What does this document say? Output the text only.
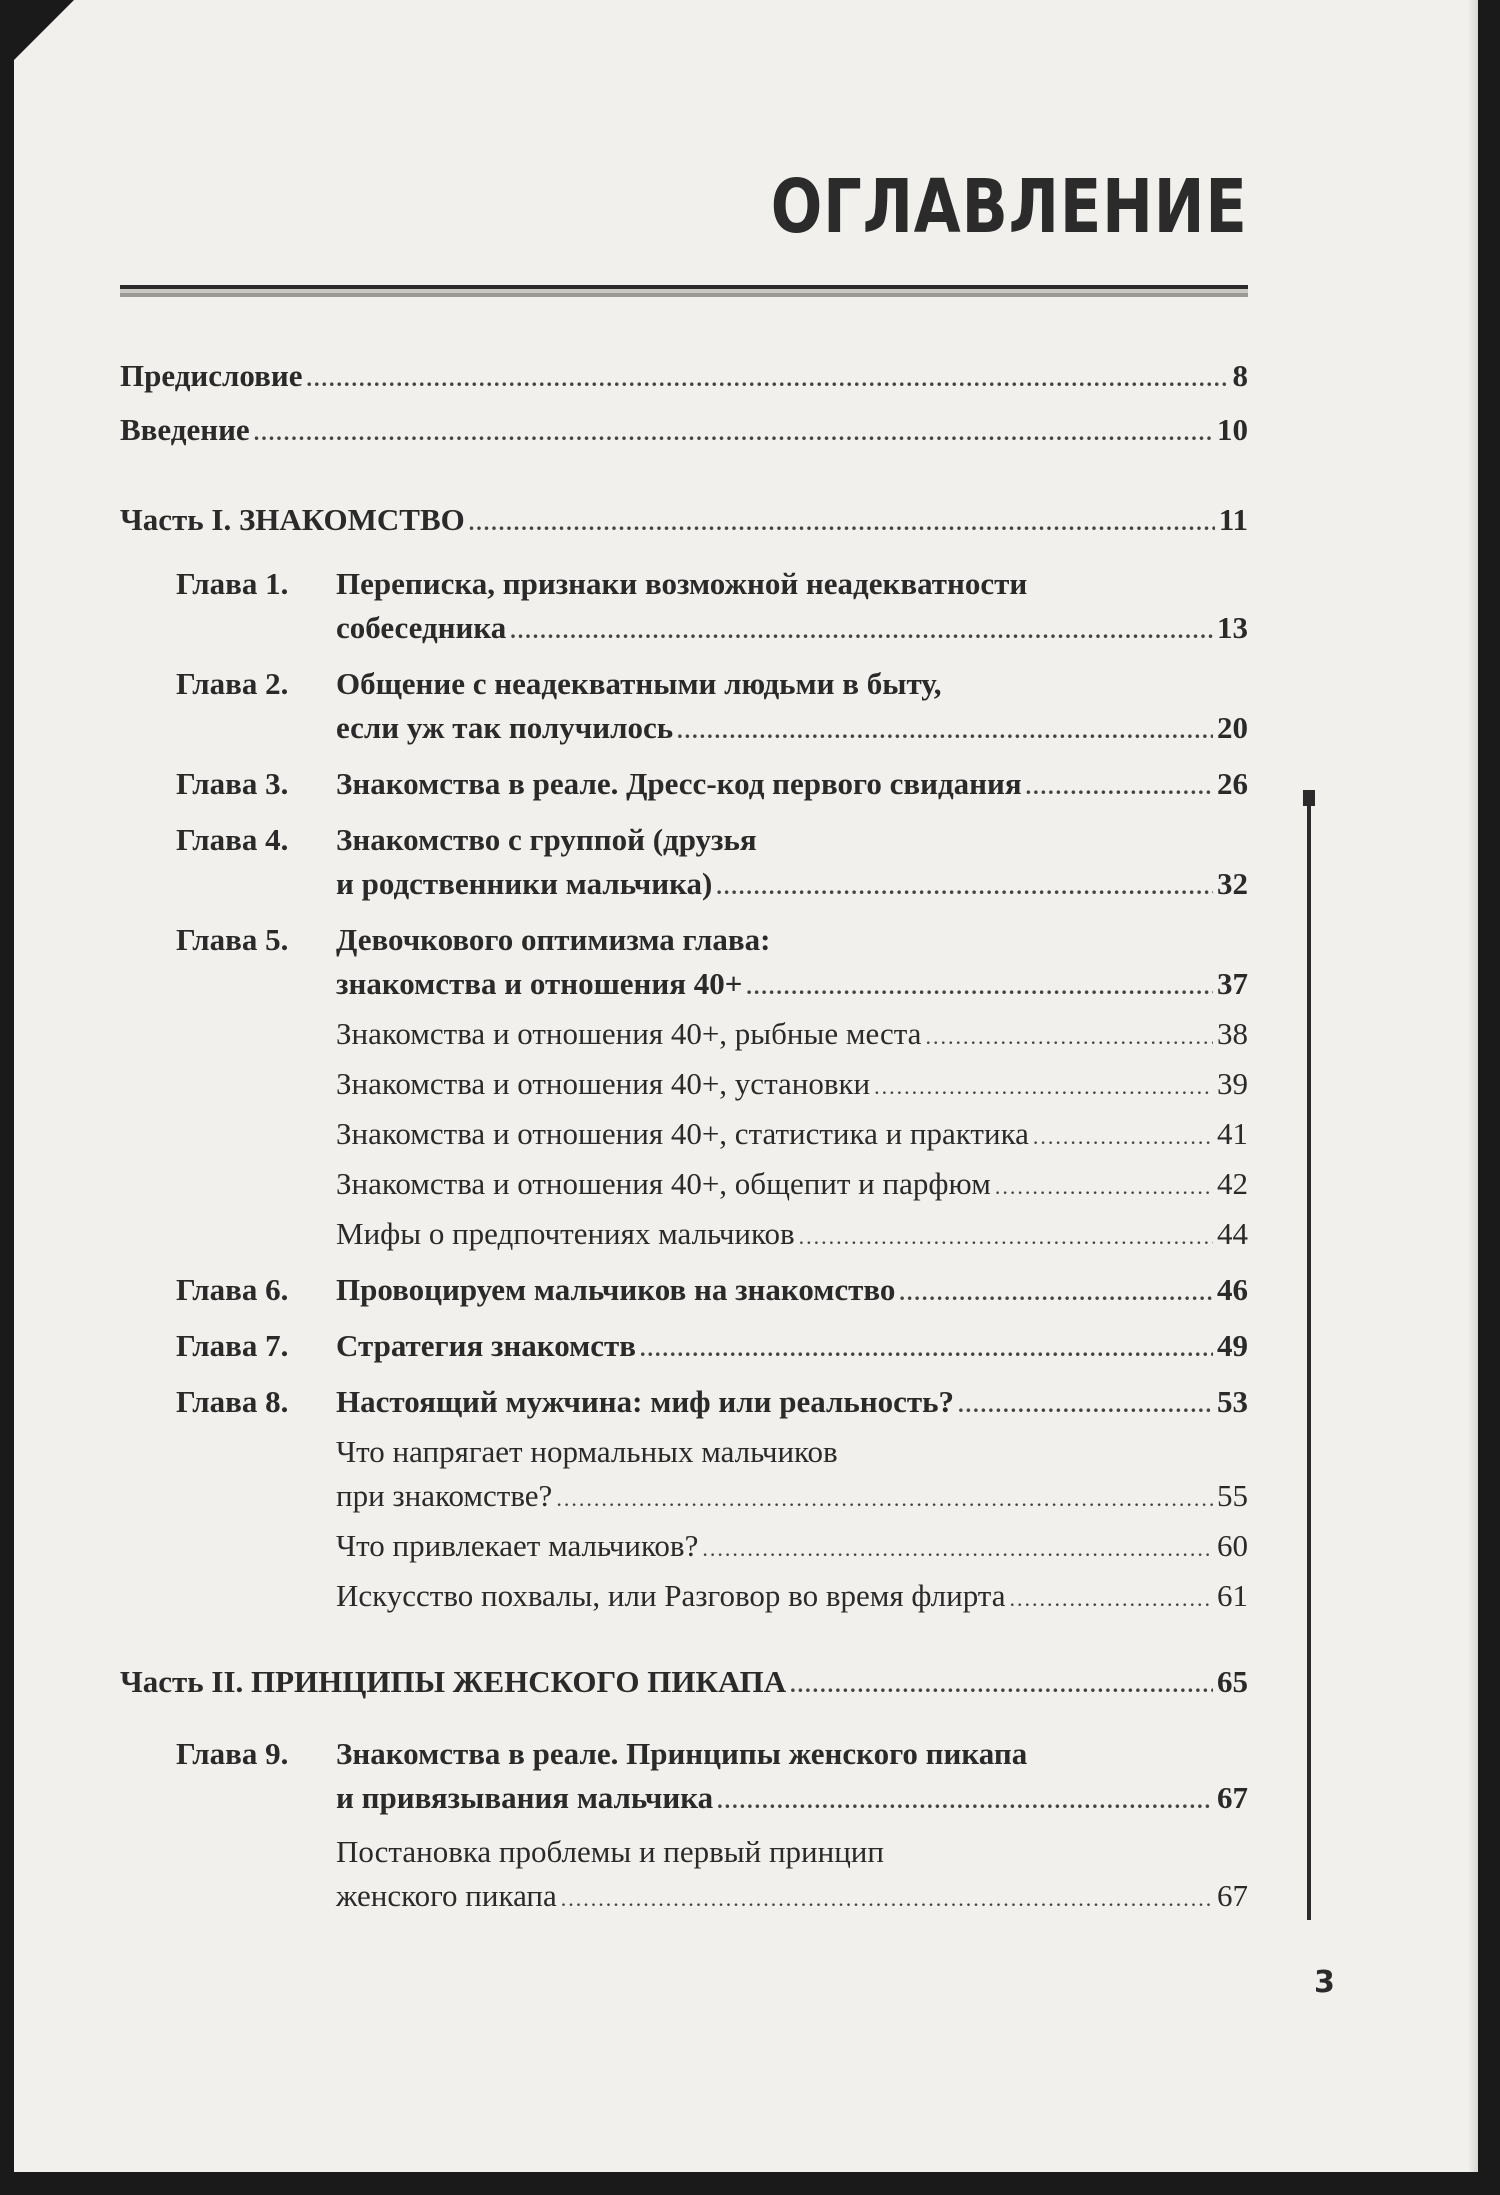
ОГЛАВЛЕНИЕ
Предисловие .....	8
Введение .....	10
Часть I. ЗНАКОМСТВО .....	11
Глава 1. Переписка, признаки возможной неадекватности
собеседника .....	13
Глава 2. Общение с неадекватными людьми в быту,
если уж так получилось .....	20
Глава 3. Знакомства в реале. Дресс-код первого свидания .....	26
Глава 4. Знакомство с группой (друзья
и родственники мальчика) .....	32
Глава 5. Девочкового оптимизма глава:
знакомства и отношения 40+ .....	37
Знакомства и отношения 40+, рыбные места .....	38
Знакомства и отношения 40+, установки .....	39
Знакомства и отношения 40+, статистика и практика .....	41
Знакомства и отношения 40+, общепит и парфюм .....	42
Мифы о предпочтениях мальчиков .....	44
Глава 6. Провоцируем мальчиков на знакомство .....	46
Глава 7. Стратегия знакомств .....	49
Глава 8. Настоящий мужчина: миф или реальность? .....	53
Что напрягает нормальных мальчиков
при знакомстве? .....	55
Что привлекает мальчиков? .....	60
Искусство похвалы, или Разговор во время флирта .....	61
Часть II. ПРИНЦИПЫ ЖЕНСКОГО ПИКАПА .....	65
Глава 9. Знакомства в реале. Принципы женского пикапа
и привязывания мальчика .....	67
Постановка проблемы и первый принцип
женского пикапа .....	67
3
